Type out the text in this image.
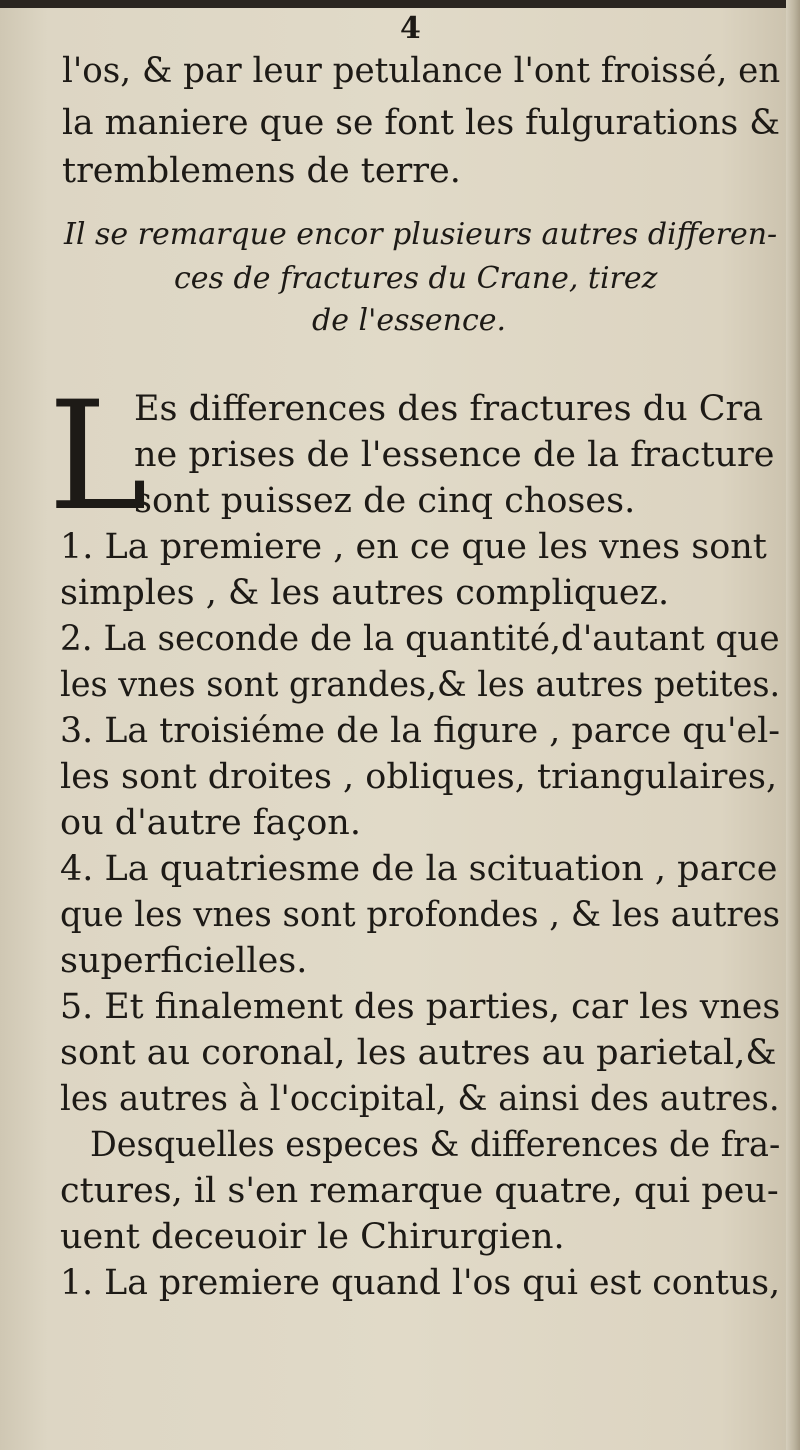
4
l'os, & par leur petulance l'ont froissé, en
la maniere que se font les fulgurations &
tremblemens de terre.
Il se remarque encor plusieurs autres differen-
ces de fractures du Crane, tirez
de l'essence.
L
Es differences des fractures du Cra
ne prises de l'essence de la fracture
sont puissez de cinq choses.
1. La premiere , en ce que les vnes sont
simples , & les autres compliquez.
2. La seconde de la quantité,d'autant que
les vnes sont grandes,& les autres petites.
3. La troisiéme de la figure , parce qu'el-
les sont droites , obliques, triangulaires,
ou d'autre façon.
4. La quatriesme de la scituation , parce
que les vnes sont profondes , & les autres
superficielles.
5. Et finalement des parties, car les vnes
sont au coronal, les autres au parietal,&
les autres à l'occipital, & ainsi des autres.
Desquelles especes & differences de fra-
ctures, il s'en remarque quatre, qui peu-
uent deceuoir le Chirurgien.
1. La premiere quand l'os qui est contus,
